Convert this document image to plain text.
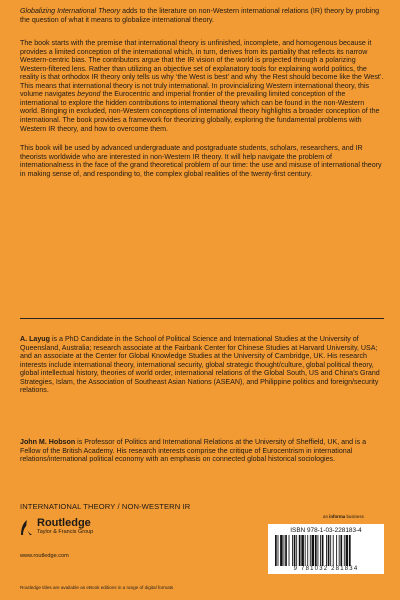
Globalizing International Theory adds to the literature on non-Western international relations (IR) theory by probing the question of what it means to globalize international theory.

The book starts with the premise that international theory is unfinished, incomplete, and homogenous because it provides a limited conception of the international which, in turn, derives from its partiality that reflects its narrow Western-centric bias. The contributors argue that the IR vision of the world is projected through a polarizing Western-filtered lens. Rather than utilizing an objective set of explanatory tools for explaining world politics, the reality is that orthodox IR theory only tells us why ‘the West is best’ and why ‘the Rest should become like the West’. This means that international theory is not truly international. In provincializing Western international theory, this volume navigates beyond the Eurocentric and imperial frontier of the prevailing limited conception of the international to explore the hidden contributions to international theory which can be found in the non-Western world. Bringing in excluded, non-Western conceptions of international theory highlights a broader conception of the international. The book provides a framework for theorizing globally, exploring the fundamental problems with Western IR theory, and how to overcome them.

This book will be used by advanced undergraduate and postgraduate students, scholars, researchers, and IR theorists worldwide who are interested in non-Western IR theory. It will help navigate the problem of internationalness in the face of the grand theoretical problem of our time: the use and misuse of international theory in making sense of, and responding to, the complex global realities of the twenty-first century.

A. Layug is a PhD Candidate in the School of Political Science and International Studies at the University of Queensland, Australia; research associate at the Fairbank Center for Chinese Studies at Harvard University, USA; and an associate at the Center for Global Knowledge Studies at the University of Cambridge, UK. His research interests include international theory, international security, global strategic thought/culture, global political theory, global intellectual history, theories of world order, international relations of the Global South, US and China’s Grand Strategies, Islam, the Association of Southeast Asian Nations (ASEAN), and Philippine politics and foreign/security relations.

John M. Hobson is Professor of Politics and International Relations at the University of Sheffield, UK, and is a Fellow of the British Academy. His research interests comprise the critique of Eurocentrism in international relations/international political economy with an emphasis on connected global historical sociologies.

INTERNATIONAL THEORY / NON-WESTERN IR
Routledge
Taylor & Francis Group
www.routledge.com
Routledge titles are available as eBook editions in a range of digital formats
an informa business
ISBN 978-1-03-228183-4
9 781032 281834
